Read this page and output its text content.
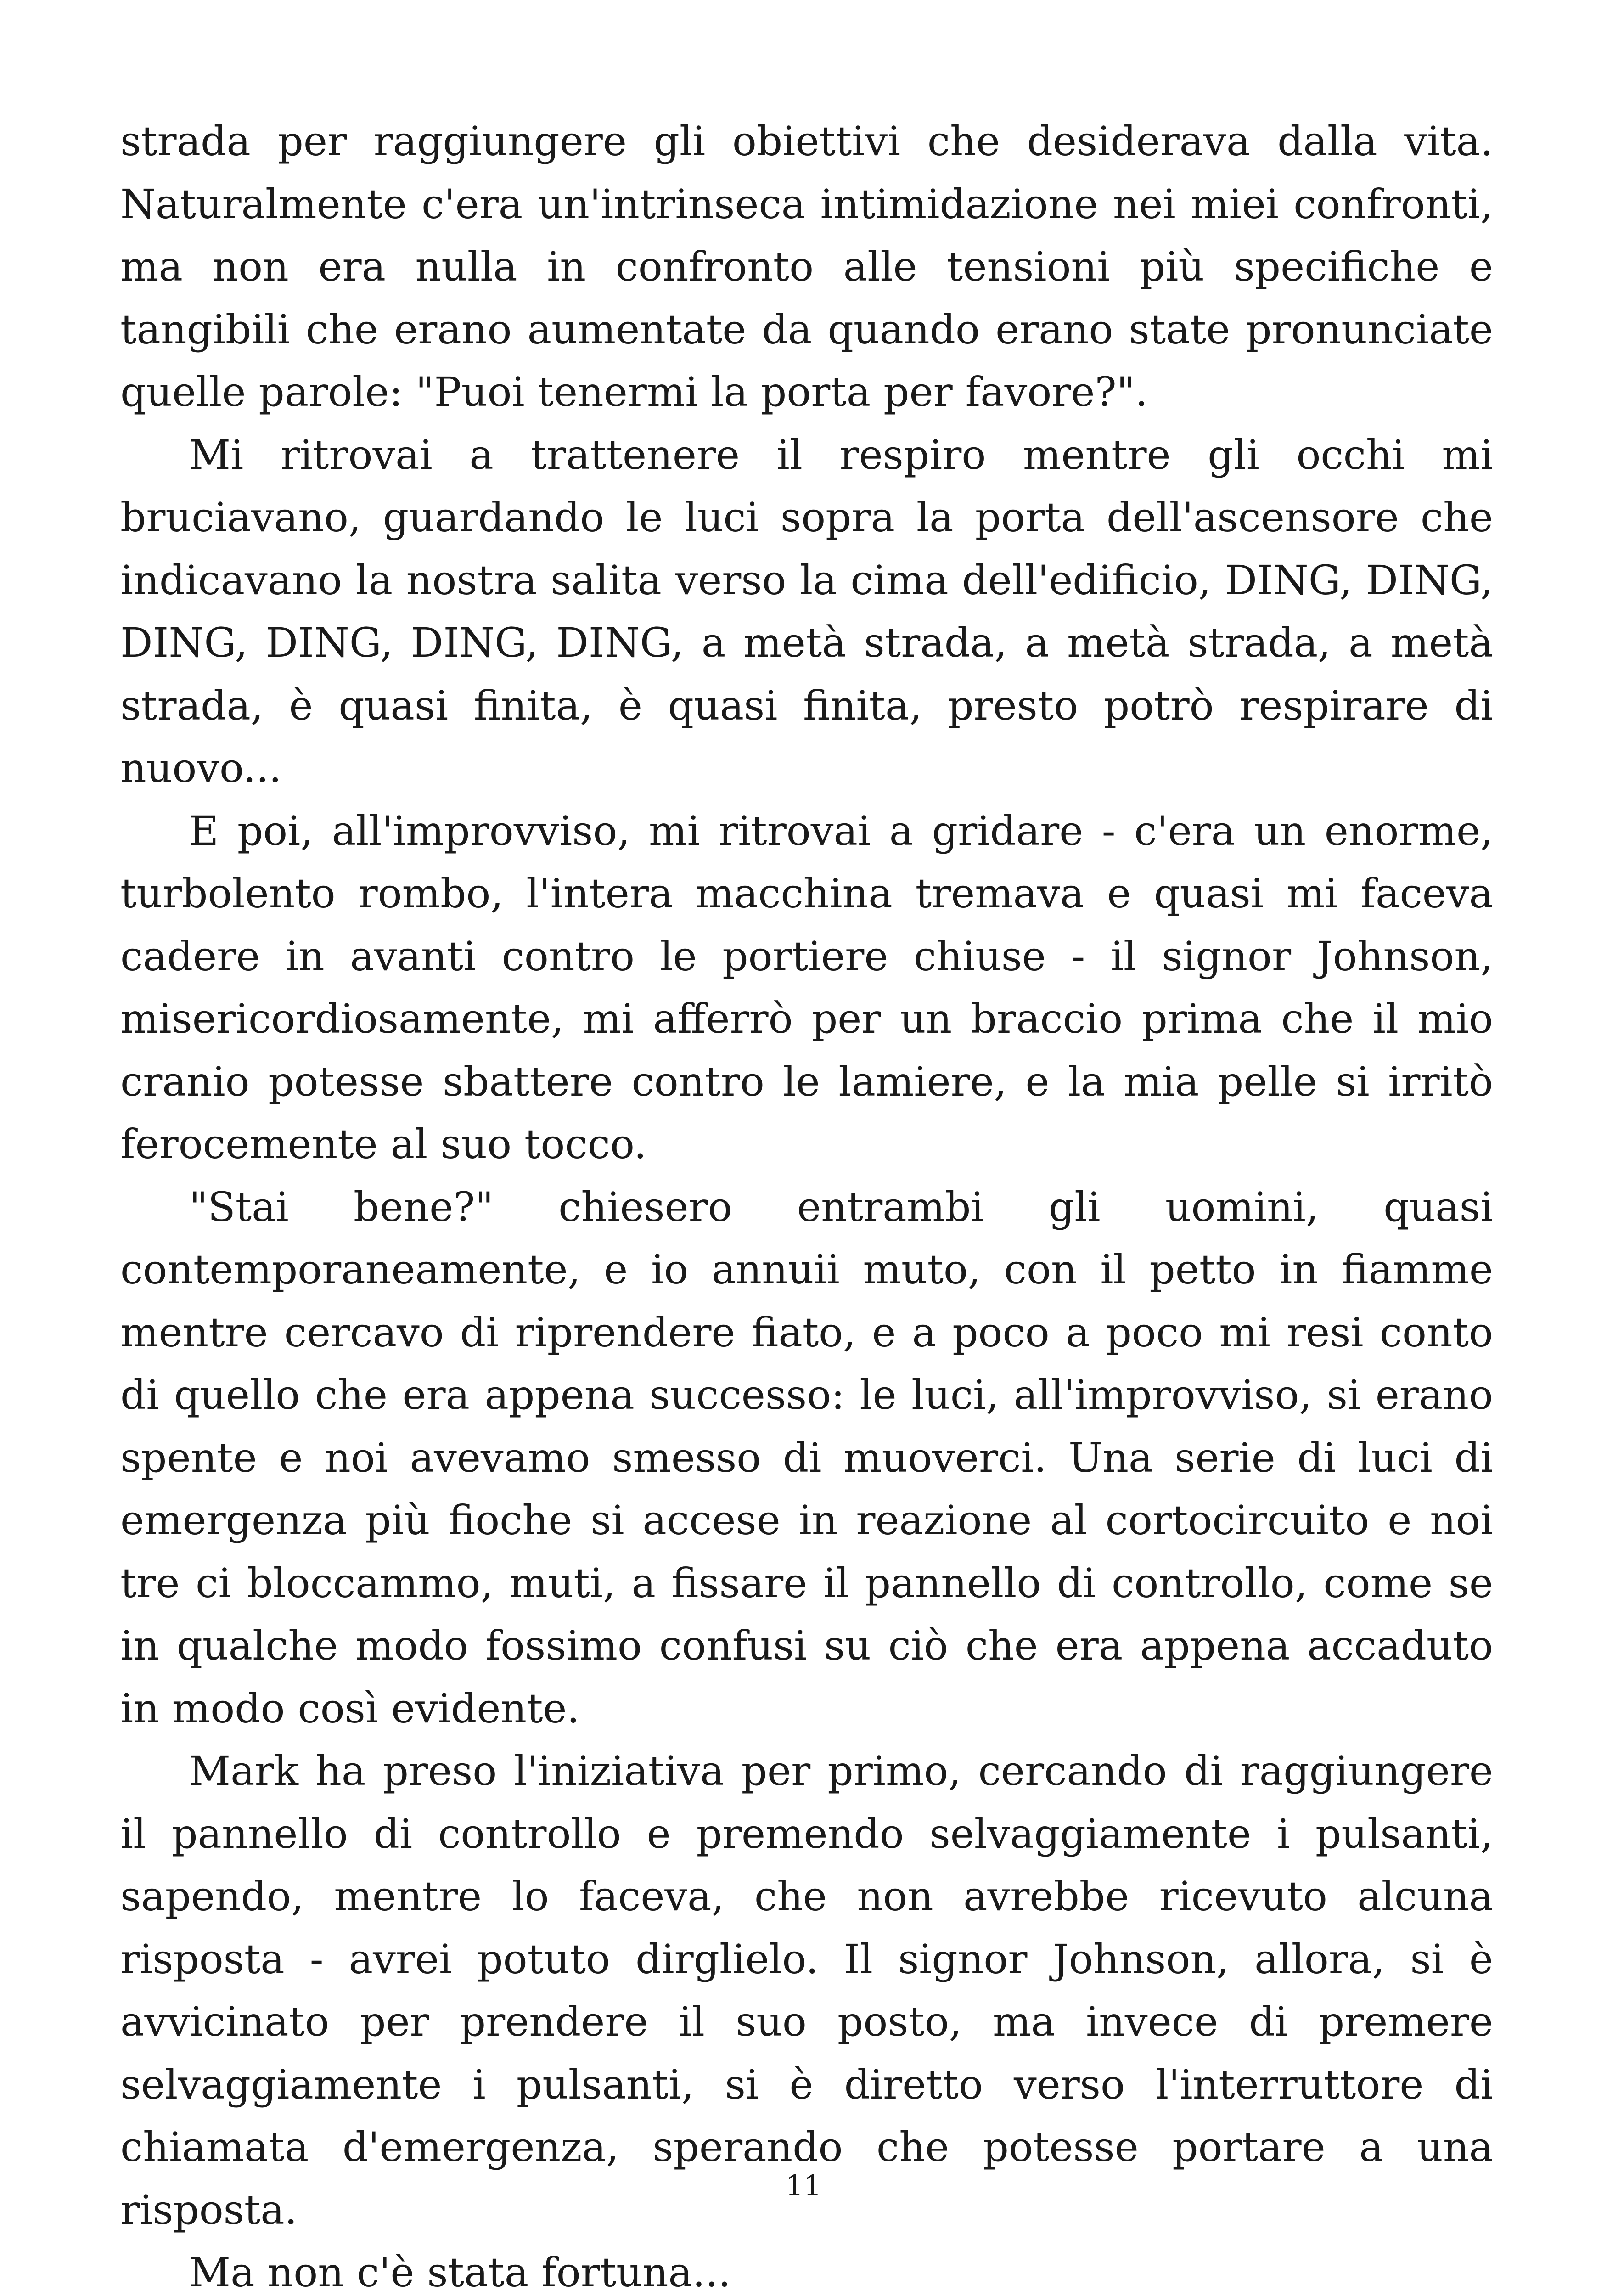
strada per raggiungere gli obiettivi che desiderava dalla vita. Naturalmente c'era un'intrinseca intimidazione nei miei confronti, ma non era nulla in confronto alle tensioni più specifiche e tangibili che erano aumentate da quando erano state pronunciate quelle parole: "Puoi tenermi la porta per favore?".

Mi ritrovai a trattenere il respiro mentre gli occhi mi bruciavano, guardando le luci sopra la porta dell'ascensore che indicavano la nostra salita verso la cima dell'edificio, DING, DING, DING, DING, DING, DING, a metà strada, a metà strada, a metà strada, è quasi finita, è quasi finita, presto potrò respirare di nuovo...

E poi, all'improvviso, mi ritrovai a gridare - c'era un enorme, turbolento rombo, l'intera macchina tremava e quasi mi faceva cadere in avanti contro le portiere chiuse - il signor Johnson, misericordiosamente, mi afferrò per un braccio prima che il mio cranio potesse sbattere contro le lamiere, e la mia pelle si irritò ferocemente al suo tocco.

"Stai bene?" chiesero entrambi gli uomini, quasi contemporaneamente, e io annuii muto, con il petto in fiamme mentre cercavo di riprendere fiato, e a poco a poco mi resi conto di quello che era appena successo: le luci, all'improvviso, si erano spente e noi avevamo smesso di muoverci. Una serie di luci di emergenza più fioche si accese in reazione al cortocircuito e noi tre ci bloccammo, muti, a fissare il pannello di controllo, come se in qualche modo fossimo confusi su ciò che era appena accaduto in modo così evidente.

Mark ha preso l'iniziativa per primo, cercando di raggiungere il pannello di controllo e premendo selvaggiamente i pulsanti, sapendo, mentre lo faceva, che non avrebbe ricevuto alcuna risposta - avrei potuto dirglielo. Il signor Johnson, allora, si è avvicinato per prendere il suo posto, ma invece di premere selvaggiamente i pulsanti, si è diretto verso l'interruttore di chiamata d'emergenza, sperando che potesse portare a una risposta.

Ma non c'è stata fortuna...

11
